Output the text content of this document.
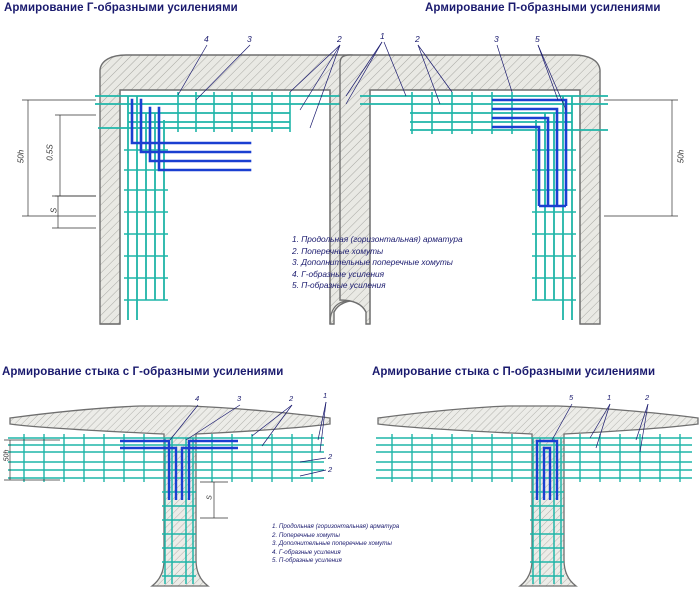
Армирование Г-образными усилениями	Армирование П-образными усилениями
Армирование стыка с Г-образными усилениями	Армирование стыка с П-образными усилениями
1. Продольная (горизонтальная) арматура
2. Поперечные хомуты
3. Дополнительные поперечные хомуты
4. Г-образные усиления
5. П-образные усиления
1. Продольная (горизонтальная) арматура
2. Поперечные хомуты
3. Дополнительные поперечные хомуты
4. Г-образные усиления
5. П-образные усиления
4	3	2	1	2	3	5
4	3	2	1
2
2
5	1	2
50h	0.5S
S
50h
50h
S
